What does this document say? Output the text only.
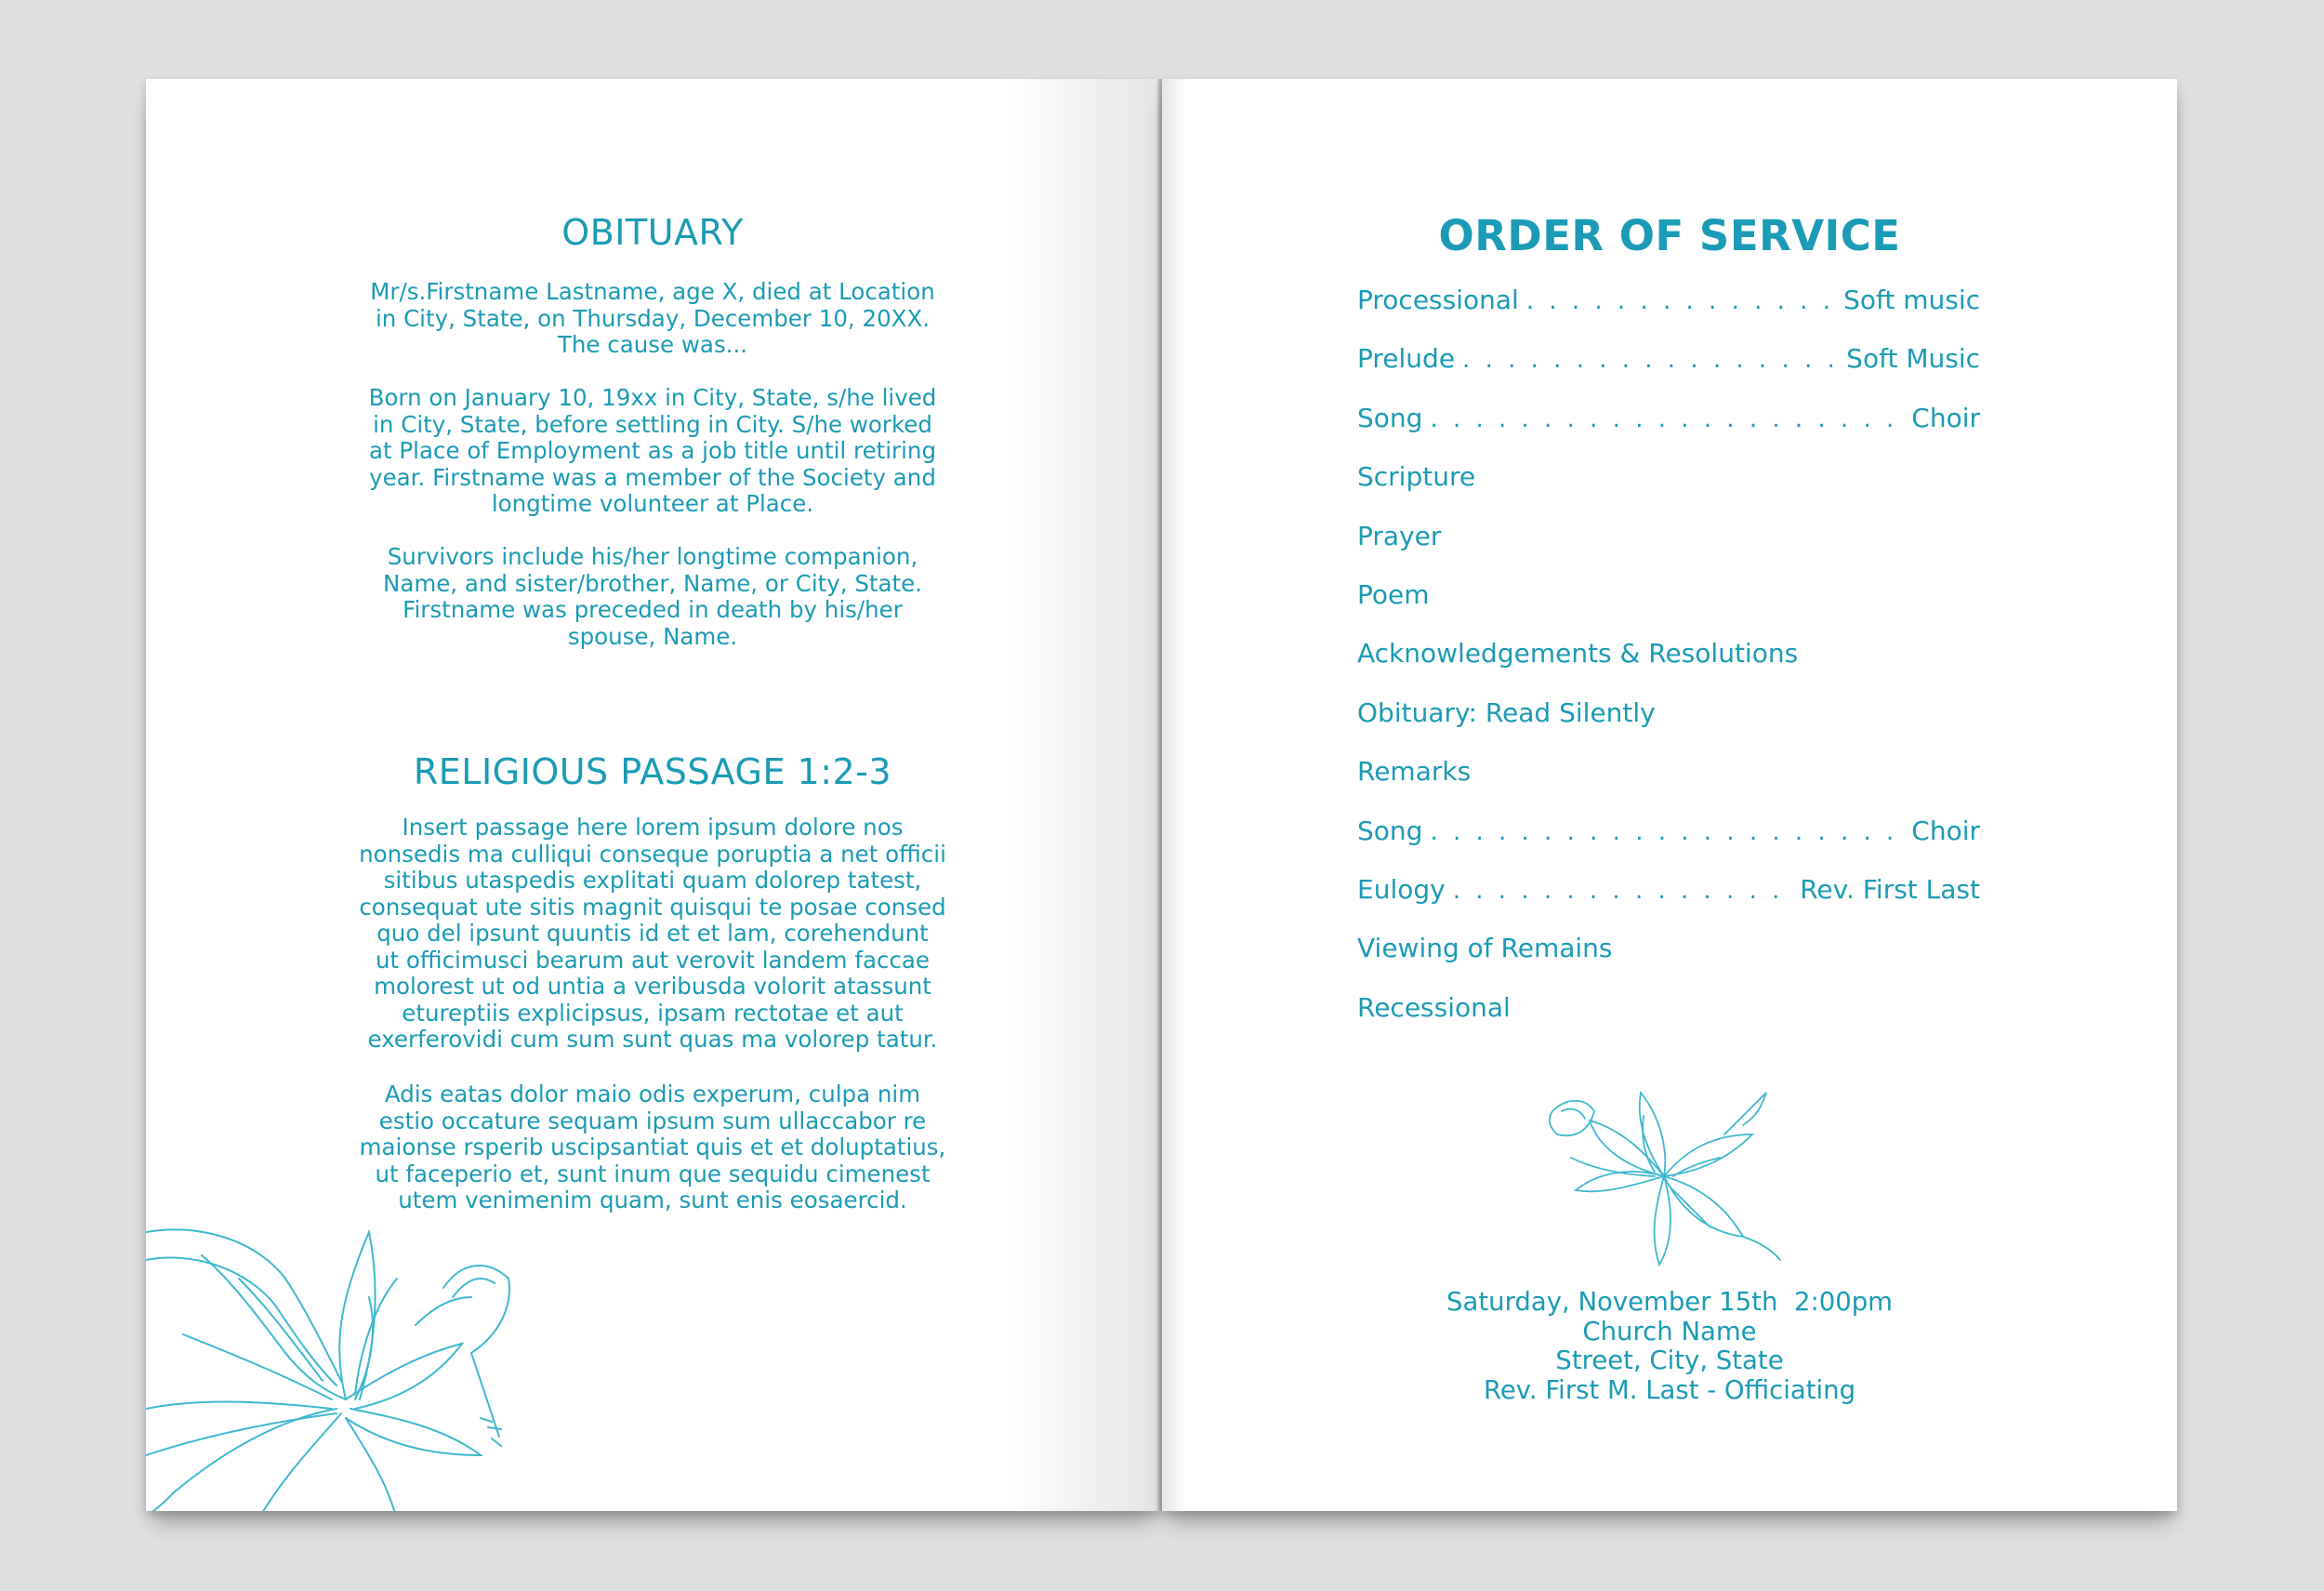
OBITUARY
Mr/s.Firstname Lastname, age X, died at Location
in City, State, on Thursday, December 10, 20XX.
The cause was...
Born on January 10, 19xx in City, State, s/he lived
in City, State, before settling in City. S/he worked
at Place of Employment as a job title until retiring
year. Firstname was a member of the Society and
longtime volunteer at Place.
Survivors include his/her longtime companion,
Name, and sister/brother, Name, or City, State.
Firstname was preceded in death by his/her
spouse, Name.
RELIGIOUS PASSAGE 1:2-3
Insert passage here lorem ipsum dolore nos
nonsedis ma culliqui conseque poruptia a net officii
sitibus utaspedis explitati quam dolorep tatest,
consequat ute sitis magnit quisqui te posae consed
quo del ipsunt quuntis id et et lam, corehendunt
ut officimusci bearum aut verovit landem faccae
molorest ut od untia a veribusda volorit atassunt
etureptiis explicipsus, ipsam rectotae et aut
exerferovidi cum sum sunt quas ma volorep tatur.
Adis eatas dolor maio odis experum, culpa nim
estio occature sequam ipsum sum ullaccabor re
maionse rsperib uscipsantiat quis et et doluptatius,
ut faceperio et, sunt inum que sequidu cimenest
utem venimenim quam, sunt enis eosaercid.
ORDER OF SERVICE
Processional . . .	Soft music
Prelude . . .	Soft Music
Song . . .	Choir
Scripture
Prayer
Poem
Acknowledgements & Resolutions
Obituary: Read Silently
Remarks
Song . . .	Choir
Eulogy . . .	Rev. First Last
Viewing of Remains
Recessional
Saturday, November 15th  2:00pm
Church Name
Street, City, State
Rev. First M. Last - Officiating
